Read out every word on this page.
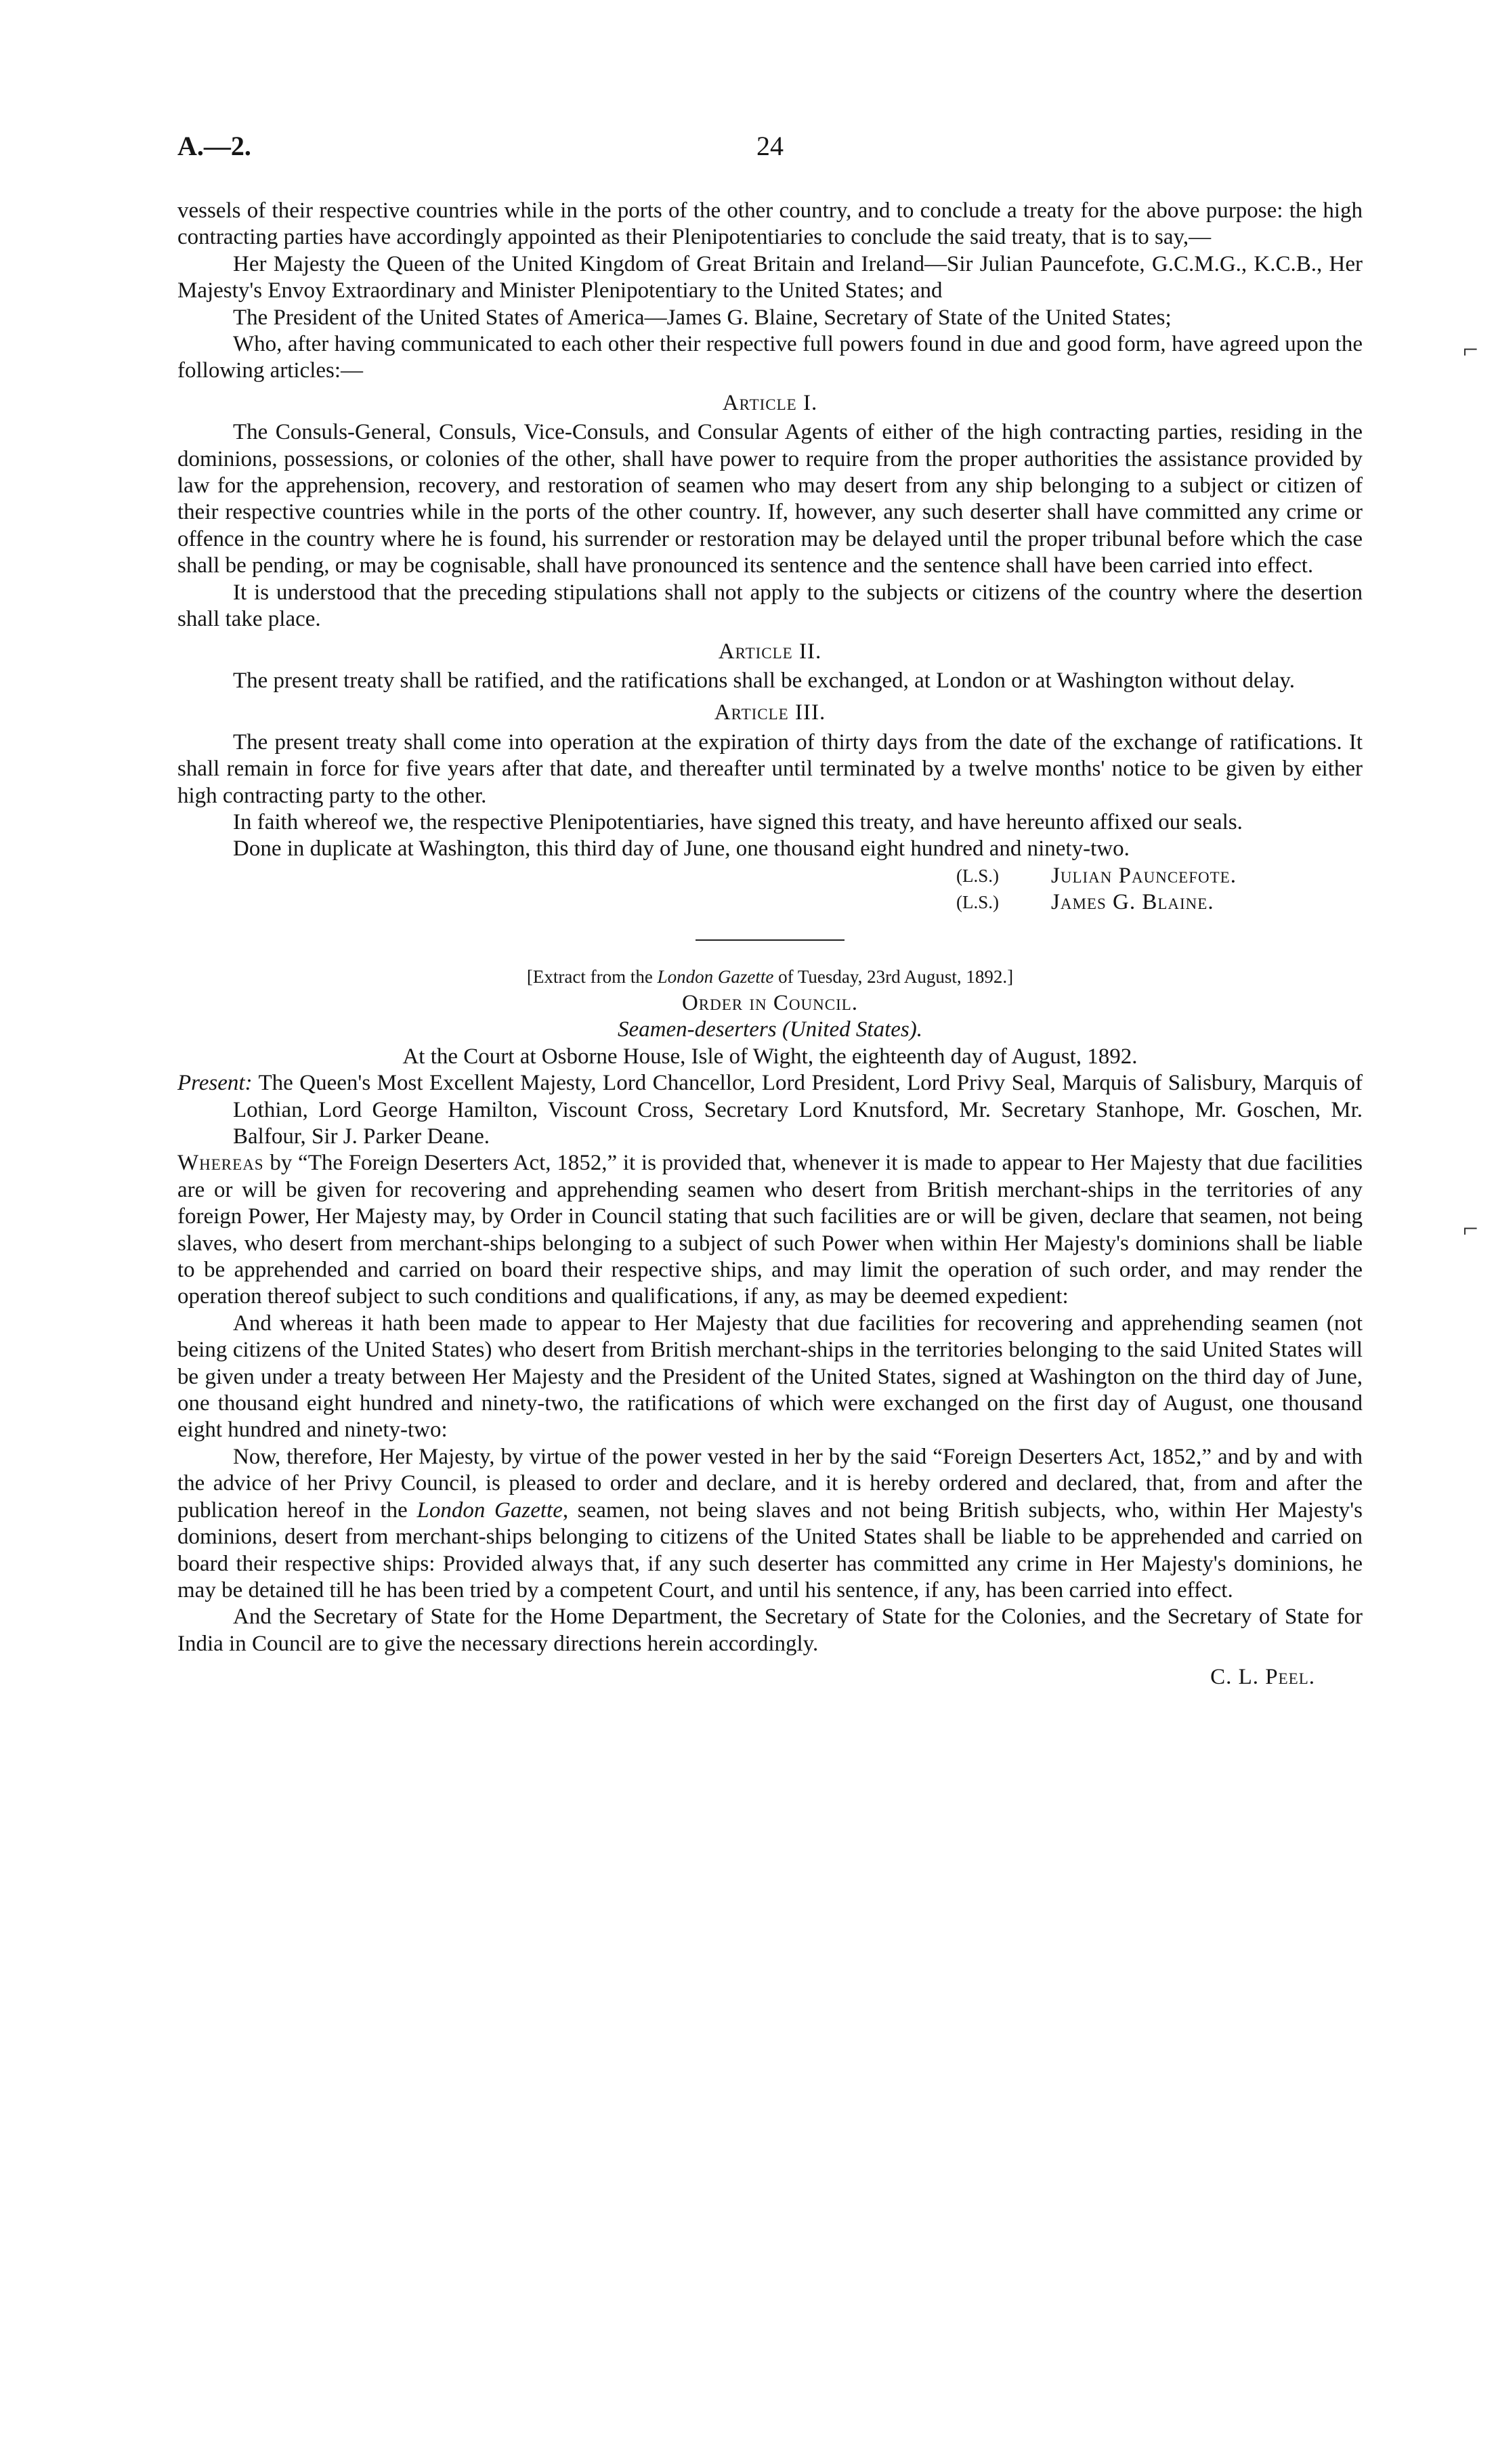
A.—2.	24

vessels of their respective countries while in the ports of the other country, and to conclude a treaty for the above purpose: the high contracting parties have accordingly appointed as their Plenipotentiaries to conclude the said treaty, that is to say,—

Her Majesty the Queen of the United Kingdom of Great Britain and Ireland—Sir Julian Pauncefote, G.C.M.G., K.C.B., Her Majesty's Envoy Extraordinary and Minister Plenipotentiary to the United States; and

The President of the United States of America—James G. Blaine, Secretary of State of the United States;

Who, after having communicated to each other their respective full powers found in due and good form, have agreed upon the following articles:—

Article I.

The Consuls-General, Consuls, Vice-Consuls, and Consular Agents of either of the high contracting parties, residing in the dominions, possessions, or colonies of the other, shall have power to require from the proper authorities the assistance provided by law for the apprehension, recovery, and restoration of seamen who may desert from any ship belonging to a subject or citizen of their respective countries while in the ports of the other country. If, however, any such deserter shall have committed any crime or offence in the country where he is found, his surrender or restoration may be delayed until the proper tribunal before which the case shall be pending, or may be cognisable, shall have pronounced its sentence and the sentence shall have been carried into effect.

It is understood that the preceding stipulations shall not apply to the subjects or citizens of the country where the desertion shall take place.

Article II.

The present treaty shall be ratified, and the ratifications shall be exchanged, at London or at Washington without delay.

Article III.

The present treaty shall come into operation at the expiration of thirty days from the date of the exchange of ratifications. It shall remain in force for five years after that date, and thereafter until terminated by a twelve months' notice to be given by either high contracting party to the other.

In faith whereof we, the respective Plenipotentiaries, have signed this treaty, and have hereunto affixed our seals.

Done in duplicate at Washington, this third day of June, one thousand eight hundred and ninety-two.

(L.S.)	Julian Pauncefote.
(L.S.)	James G. Blaine.

[Extract from the London Gazette of Tuesday, 23rd August, 1892.]

Order in Council.

Seamen-deserters (United States).

At the Court at Osborne House, Isle of Wight, the eighteenth day of August, 1892.

Present: The Queen's Most Excellent Majesty, Lord Chancellor, Lord President, Lord Privy Seal, Marquis of Salisbury, Marquis of Lothian, Lord George Hamilton, Viscount Cross, Secretary Lord Knutsford, Mr. Secretary Stanhope, Mr. Goschen, Mr. Balfour, Sir J. Parker Deane.

Whereas by “The Foreign Deserters Act, 1852,” it is provided that, whenever it is made to appear to Her Majesty that due facilities are or will be given for recovering and apprehending seamen who desert from British merchant-ships in the territories of any foreign Power, Her Majesty may, by Order in Council stating that such facilities are or will be given, declare that seamen, not being slaves, who desert from merchant-ships belonging to a subject of such Power when within Her Majesty's dominions shall be liable to be apprehended and carried on board their respective ships, and may limit the operation of such order, and may render the operation thereof subject to such conditions and qualifications, if any, as may be deemed expedient:

And whereas it hath been made to appear to Her Majesty that due facilities for recovering and apprehending seamen (not being citizens of the United States) who desert from British merchant-ships in the territories belonging to the said United States will be given under a treaty between Her Majesty and the President of the United States, signed at Washington on the third day of June, one thousand eight hundred and ninety-two, the ratifications of which were exchanged on the first day of August, one thousand eight hundred and ninety-two:

Now, therefore, Her Majesty, by virtue of the power vested in her by the said “Foreign Deserters Act, 1852,” and by and with the advice of her Privy Council, is pleased to order and declare, and it is hereby ordered and declared, that, from and after the publication hereof in the London Gazette, seamen, not being slaves and not being British subjects, who, within Her Majesty's dominions, desert from merchant-ships belonging to citizens of the United States shall be liable to be apprehended and carried on board their respective ships: Provided always that, if any such deserter has committed any crime in Her Majesty's dominions, he may be detained till he has been tried by a competent Court, and until his sentence, if any, has been carried into effect.

And the Secretary of State for the Home Department, the Secretary of State for the Colonies, and the Secretary of State for India in Council are to give the necessary directions herein accordingly.

C. L. Peel.

⌐
⌐
